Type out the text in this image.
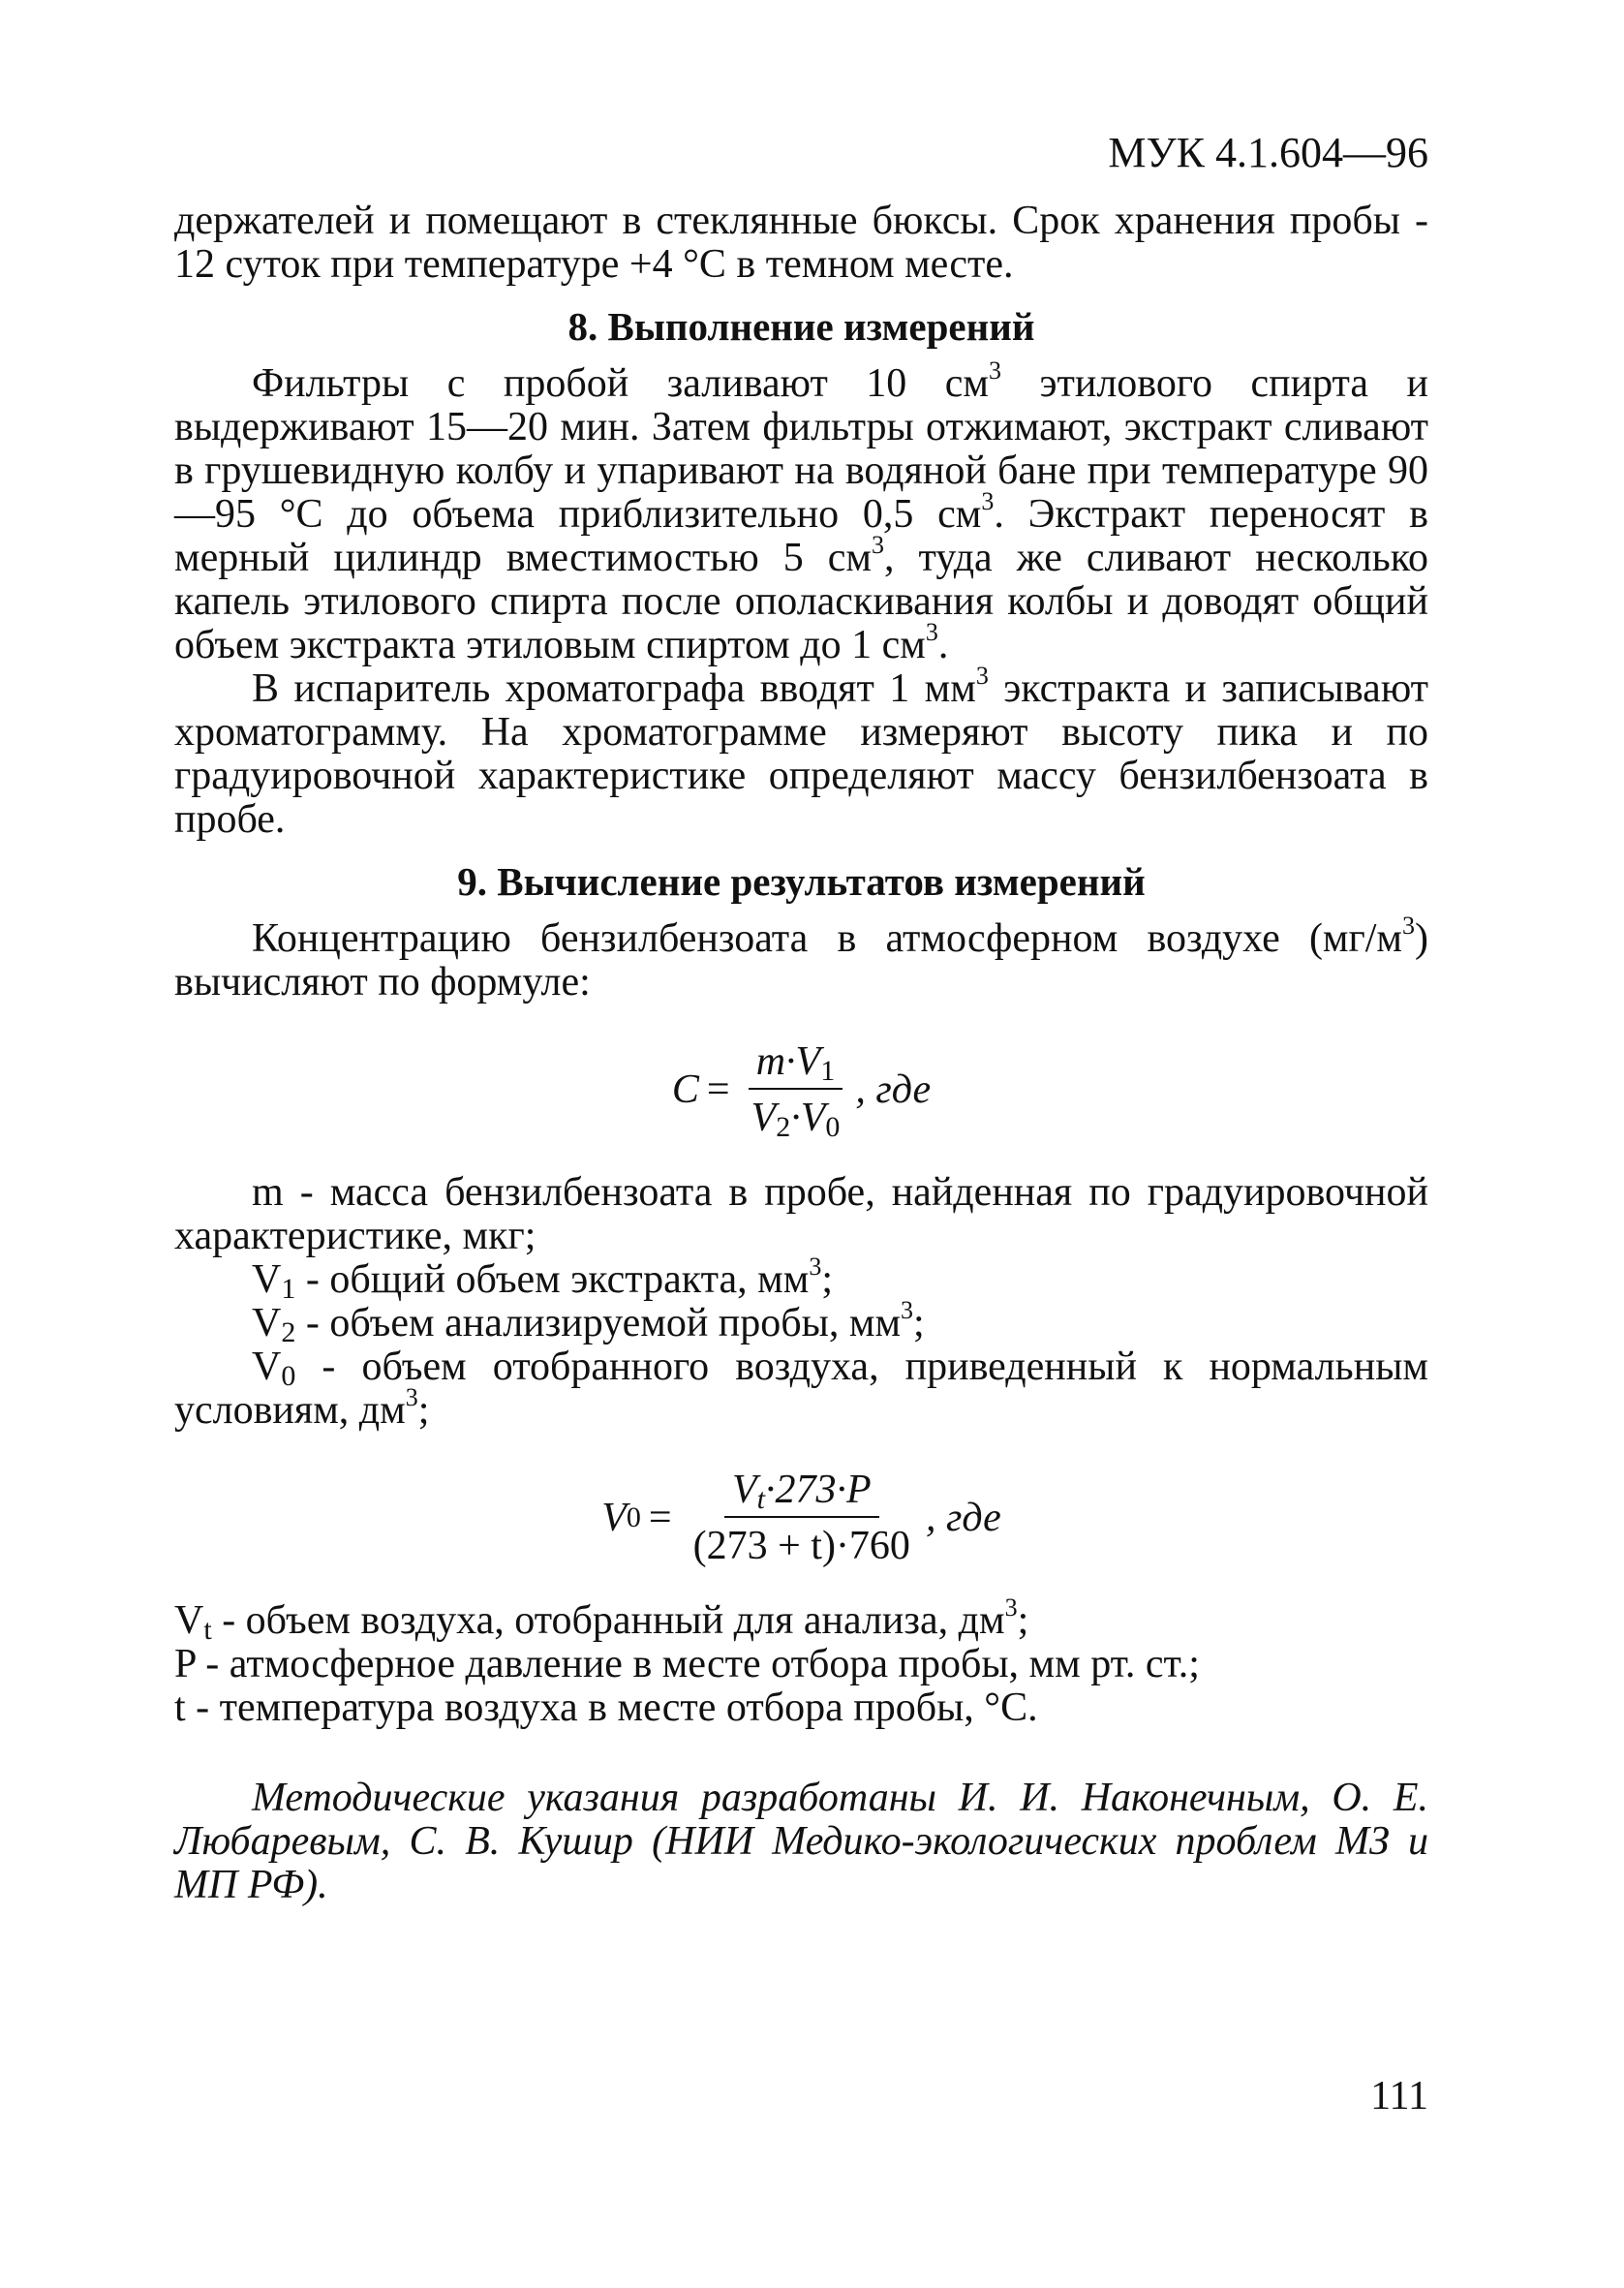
МУК 4.1.604—96

держателей и помещают в стеклянные бюксы. Срок хранения пробы - 12 суток при температуре +4 °С в темном месте.

8. Выполнение измерений

Фильтры с пробой заливают 10 $см^3$ этилового спирта и выдерживают 15—20 мин. Затем фильтры отжимают, экстракт сливают в грушевидную колбу и упаривают на водяной бане при температуре 90—95 °С до объема приблизительно 0,5 $см^3$. Экстракт переносят в мерный цилиндр вместимостью 5 $см^3$, туда же сливают несколько капель этилового спирта после ополаскивания колбы и доводят общий объем экстракта этиловым спиртом до 1 $см^3$.

В испаритель хроматографа вводят 1 $мм^3$ экстракта и записывают хроматограмму. На хроматограмме измеряют высоту пика и по градуировочной характеристике определяют массу бензилбензоата в пробе.

9. Вычисление результатов измерений

Концентрацию бензилбензоата в атмосферном воздухе $(мг/м^3)$ вычисляют по формуле:

$C = \frac{m\cdot V_1}{V_2\cdot V_0}$ , где

m - масса бензилбензоата в пробе, найденная по градуировочной характеристике, мкг;

$V_1$ - общий объем экстракта, $мм^3$;

$V_2$ - объем анализируемой пробы, $мм^3$;

$V_0$ - объем отобранного воздуха, приведенный к нормальным условиям, $дм^3$;

V $0 = \frac{V_t\cdot 273\cdot P}{(273 + t)\cdot 760}$ , где

$V_t$ - объем воздуха, отобранный для анализа, $дм^3$;

P - атмосферное давление в месте отбора пробы, мм рт. ст.;

t - температура воздуха в месте отбора пробы, °С.

Методические указания разработаны И. И. Наконечным, О. Е. Любаревым, С. В. Кушир (НИИ Медико-экологических проблем МЗ и МП РФ).

111
